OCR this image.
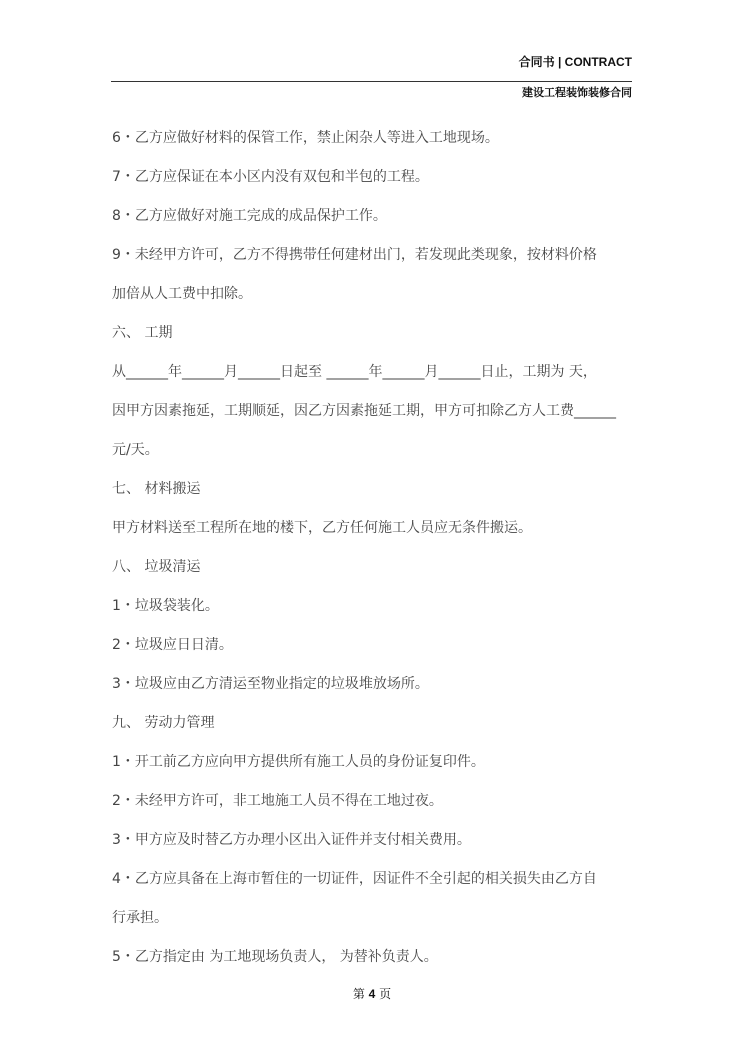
合同书 | CONTRACT
建设工程装饰装修合同
6・乙方应做好材料的保管工作，禁止闲杂人等进入工地现场。
7・乙方应保证在本小区内没有双包和半包的工程。
8・乙方应做好对施工完成的成品保护工作。
9・未经甲方许可，乙方不得携带任何建材出门，若发现此类现象，按材料价格
加倍从人工费中扣除。
六、 工期
从______年______月______日起至 ______年______月______日止，工期为 天，
因甲方因素拖延，工期顺延，因乙方因素拖延工期，甲方可扣除乙方人工费______
元/天。
七、 材料搬运
甲方材料送至工程所在地的楼下，乙方任何施工人员应无条件搬运。
八、 垃圾清运
1・垃圾袋装化。
2・垃圾应日日清。
3・垃圾应由乙方清运至物业指定的垃圾堆放场所。
九、 劳动力管理
1・开工前乙方应向甲方提供所有施工人员的身份证复印件。
2・未经甲方许可，非工地施工人员不得在工地过夜。
3・甲方应及时替乙方办理小区出入证件并支付相关费用。
4・乙方应具备在上海市暂住的一切证件，因证件不全引起的相关损失由乙方自
行承担。
5・乙方指定由 为工地现场负责人， 为替补负责人。
第 4 页
